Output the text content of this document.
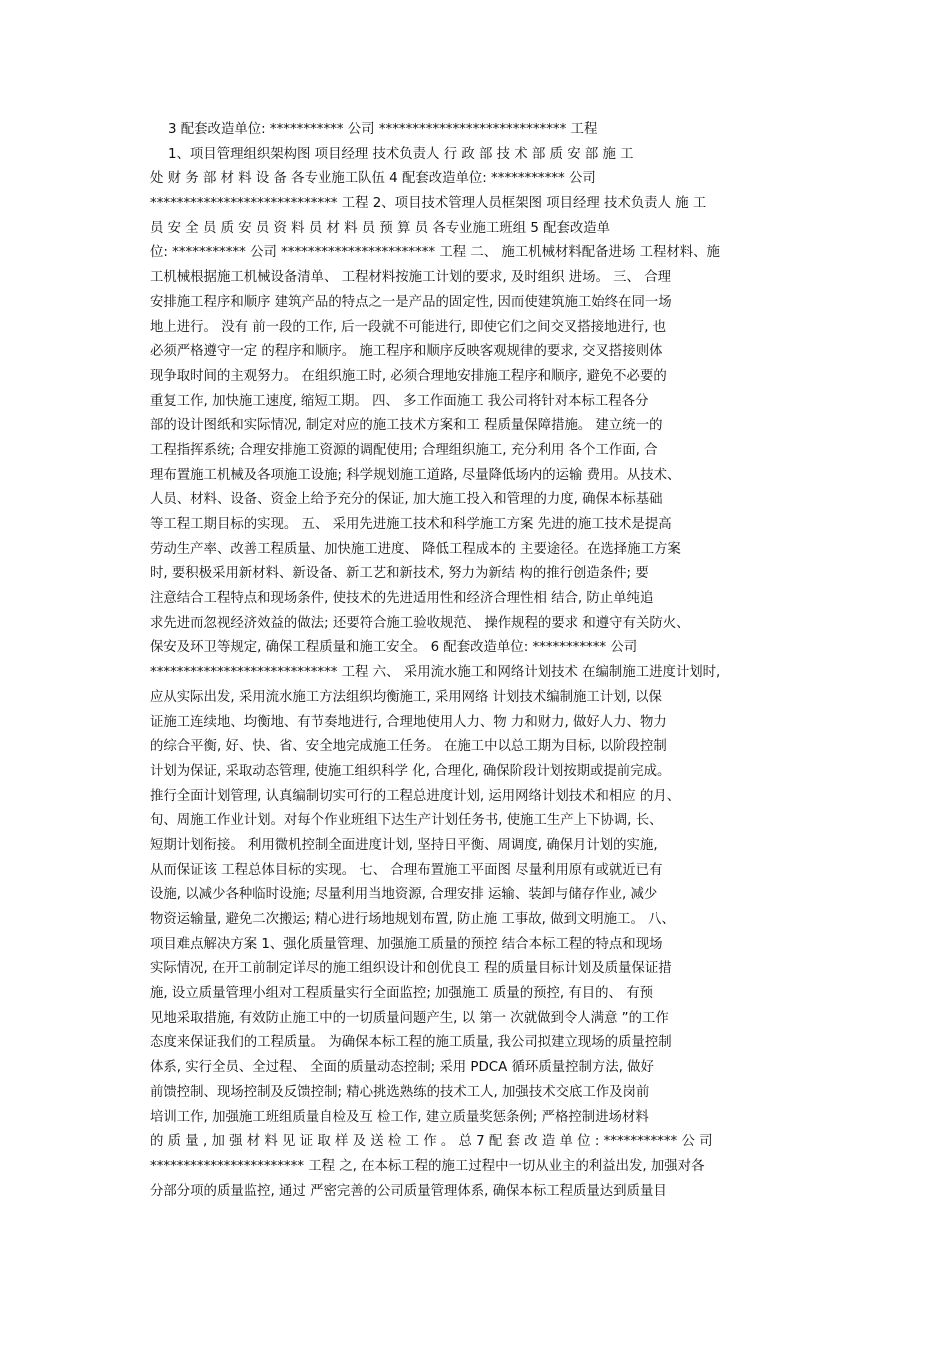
3 配套改造单位: *********** 公司 **************************** 工程
1、项目管理组织架构图 项目经理 技术负责人 行 政 部 技 术 部 质 安 部 施 工
处 财 务 部 材 料 设 备 各专业施工队伍 4 配套改造单位: *********** 公司
**************************** 工程 2、项目技术管理人员框架图 项目经理 技术负责人 施 工
员 安 全 员 质 安 员 资 料 员 材 料 员 预 算 员 各专业施工班组 5 配套改造单
位: *********** 公司 *********************** 工程 二、 施工机械材料配备进场 工程材料、施
工机械根据施工机械设备清单、 工程材料按施工计划的要求, 及时组织 进场。 三、 合理
安排施工程序和顺序 建筑产品的特点之一是产品的固定性, 因而使建筑施工始终在同一场
地上进行。 没有 前一段的工作, 后一段就不可能进行, 即使它们之间交叉搭接地进行, 也
必须严格遵守一定 的程序和顺序。 施工程序和顺序反映客观规律的要求, 交叉搭接则体
现争取时间的主观努力。 在组织施工时, 必须合理地安排施工程序和顺序, 避免不必要的
重复工作, 加快施工速度, 缩短工期。 四、 多工作面施工 我公司将针对本标工程各分
部的设计图纸和实际情况, 制定对应的施工技术方案和工 程质量保障措施。 建立统一的
工程指挥系统; 合理安排施工资源的调配使用; 合理组织施工, 充分利用 各个工作面, 合
理布置施工机械及各项施工设施; 科学规划施工道路, 尽量降低场内的运输 费用。从技术、
人员、材料、设备、资金上给予充分的保证, 加大施工投入和管理的力度, 确保本标基础
等工程工期目标的实现。 五、 采用先进施工技术和科学施工方案 先进的施工技术是提高
劳动生产率、改善工程质量、加快施工进度、 降低工程成本的 主要途径。在选择施工方案
时, 要积极采用新材料、新设备、新工艺和新技术, 努力为新结 构的推行创造条件; 要
注意结合工程特点和现场条件, 使技术的先进适用性和经济合理性相 结合, 防止单纯追
求先进而忽视经济效益的做法; 还要符合施工验收规范、 操作规程的要求 和遵守有关防火、
保安及环卫等规定, 确保工程质量和施工安全。 6 配套改造单位: *********** 公司
**************************** 工程 六、 采用流水施工和网络计划技术 在编制施工进度计划时,
应从实际出发, 采用流水施工方法组织均衡施工, 采用网络 计划技术编制施工计划, 以保
证施工连续地、均衡地、有节奏地进行, 合理地使用人力、物 力和财力, 做好人力、物力
的综合平衡, 好、快、省、安全地完成施工任务。 在施工中以总工期为目标, 以阶段控制
计划为保证, 采取动态管理, 使施工组织科学 化, 合理化, 确保阶段计划按期或提前完成。
推行全面计划管理, 认真编制切实可行的工程总进度计划, 运用网络计划技术和相应 的月、
旬、周施工作业计划。对每个作业班组下达生产计划任务书, 使施工生产上下协调, 长、
短期计划衔接。 利用微机控制全面进度计划, 坚持日平衡、周调度, 确保月计划的实施,
从而保证该 工程总体目标的实现。 七、 合理布置施工平面图 尽量利用原有或就近已有
设施, 以减少各种临时设施; 尽量利用当地资源, 合理安排 运输、装卸与储存作业, 减少
物资运输量, 避免二次搬运; 精心进行场地规划布置, 防止施 工事故, 做到文明施工。 八、
项目难点解决方案 1、强化质量管理、加强施工质量的预控 结合本标工程的特点和现场
实际情况, 在开工前制定详尽的施工组织设计和创优良工 程的质量目标计划及质量保证措
施, 设立质量管理小组对工程质量实行全面监控; 加强施工 质量的预控, 有目的、 有预
见地采取措施, 有效防止施工中的一切质量问题产生, 以 第一 次就做到令人满意 ”的工作
态度来保证我们的工程质量。 为确保本标工程的施工质量, 我公司拟建立现场的质量控制
体系, 实行全员、全过程、 全面的质量动态控制; 采用 PDCA 循环质量控制方法, 做好
前馈控制、现场控制及反馈控制; 精心挑选熟练的技术工人, 加强技术交底工作及岗前
培训工作, 加强施工班组质量自检及互 检工作, 建立质量奖惩条例; 严格控制进场材料
的 质 量 , 加 强 材 料 见 证 取 样 及 送 检 工 作 。 总 7 配 套 改 造 单 位 : *********** 公 司
*********************** 工程 之, 在本标工程的施工过程中一切从业主的利益出发, 加强对各
分部分项的质量监控, 通过 严密完善的公司质量管理体系, 确保本标工程质量达到质量目
